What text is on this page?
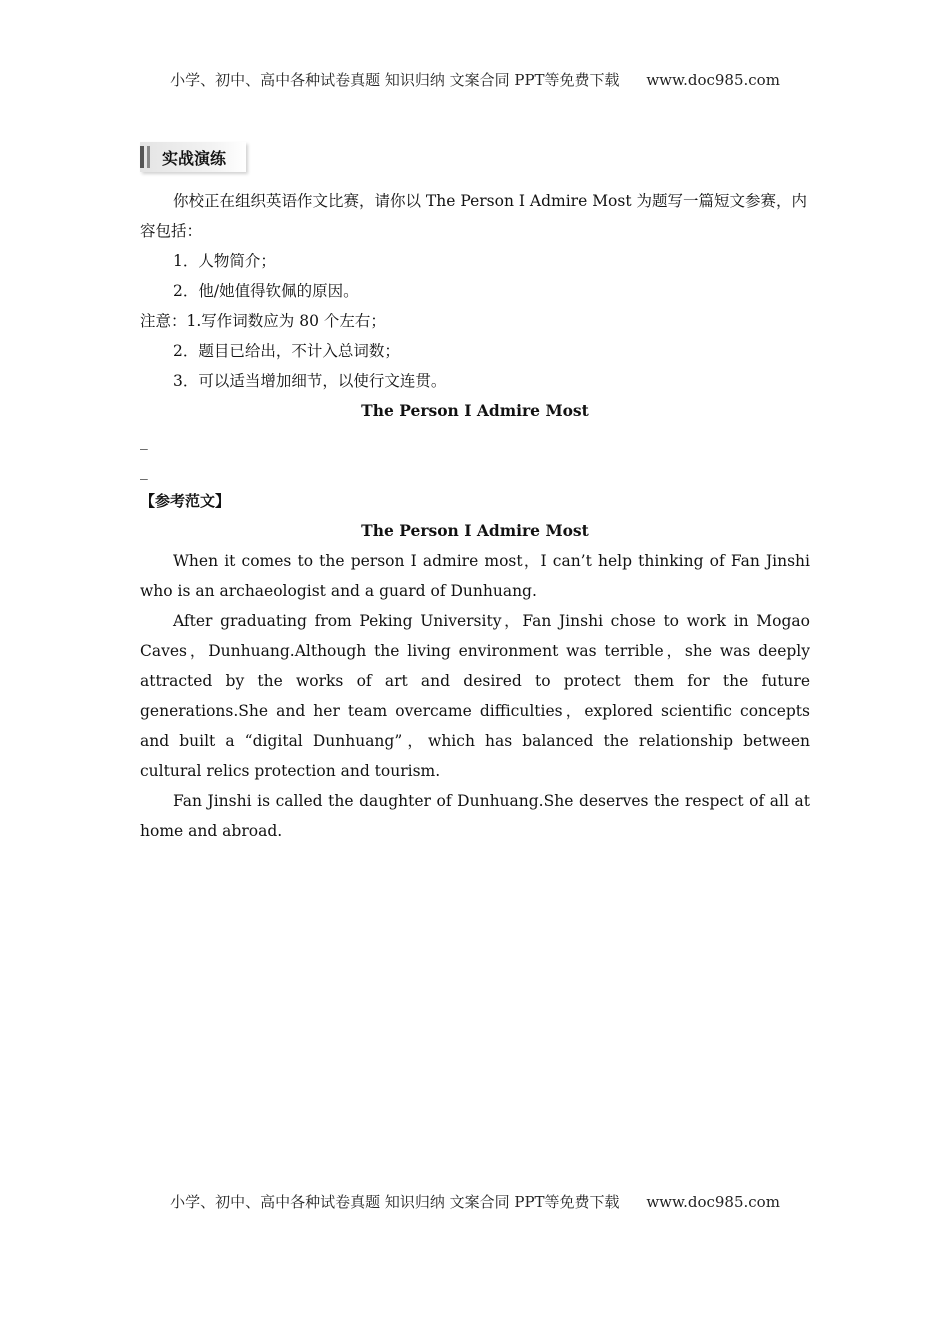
小学、初中、高中各种试卷真题 知识归纳 文案合同 PPT等免费下载 www.doc985.com
实战演练

你校正在组织英语作文比赛，请你以 The Person I Admire Most 为题写一篇短文参赛，内容包括：

1．人物简介；

2．他/她值得钦佩的原因。

注意：1.写作词数应为 80 个左右；

2．题目已给出，不计入总词数；

3．可以适当增加细节，以使行文连贯。

The Person I Admire Most

_

_

【参考范文】

The Person I Admire Most

When it comes to the person I admire most，I can’t help thinking of Fan Jinshi who is an archaeologist and a guard of Dunhuang.

After graduating from Peking University，Fan Jinshi chose to work in Mogao Caves，Dunhuang.Although the living environment was terrible，she was deeply attracted by the works of art and desired to protect them for the future generations.She and her team overcame difficulties，explored scientific concepts and built a “digital Dunhuang”，which has balanced the relationship between cultural relics protection and tourism.

Fan Jinshi is called the daughter of Dunhuang.She deserves the respect of all at home and abroad.

小学、初中、高中各种试卷真题 知识归纳 文案合同 PPT等免费下载 www.doc985.com
